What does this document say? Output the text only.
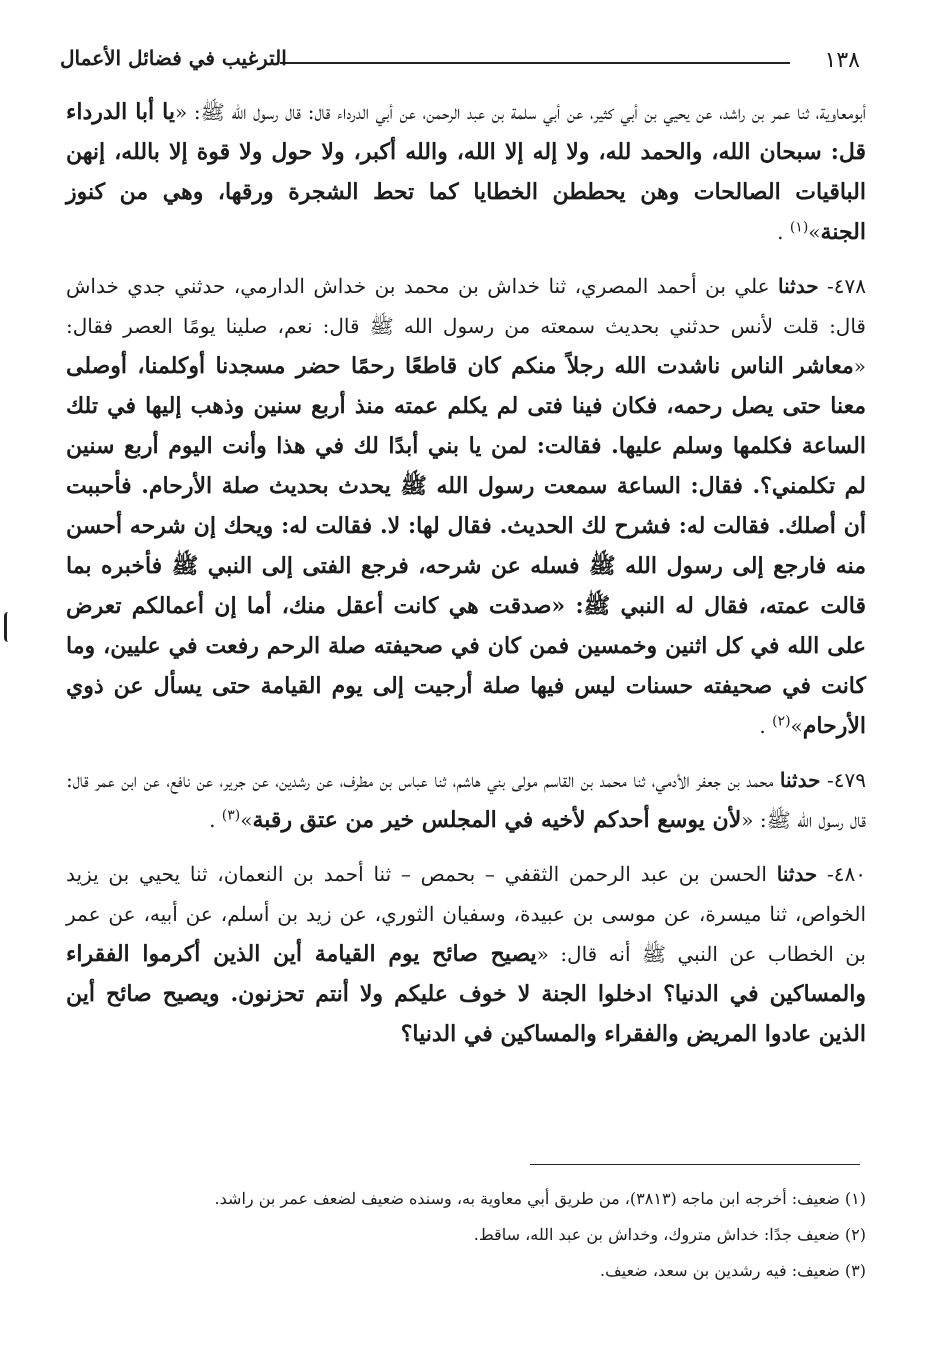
١٣٨
الترغيب في فضائل الأعمال

أبومعاوية، ثنا عمر بن راشد، عن يحيي بن أبي كثير، عن أبي سلمة بن عبد الرحمن، عن أبي الدرداء قال: قال رسول الله ﷺ: «يا أبا الدرداء قل: سبحان الله، والحمد لله، ولا إله إلا الله، والله أكبر، ولا حول ولا قوة إلا بالله، إنهن الباقيات الصالحات وهن يحططن الخطايا كما تحط الشجرة ورقها، وهي من كنوز الجنة»$^{(١)}$ .

٤٧٨- حدثنا علي بن أحمد المصري، ثنا خداش بن محمد بن خداش الدارمي، حدثني جدي خداش قال: قلت لأنس حدثني بحديث سمعته من رسول الله ﷺ قال: نعم، صلينا يومًا العصر فقال: «معاشر الناس ناشدت الله رجلاً منكم كان قاطعًا رحمًا حضر مسجدنا أوكلمنا، أوصلى معنا حتى يصل رحمه، فكان فينا فتى لم يكلم عمته منذ أربع سنين وذهب إليها في تلك الساعة فكلمها وسلم عليها. فقالت: لمن يا بني أبدًا لك في هذا وأنت اليوم أربع سنين لم تكلمني؟. فقال: الساعة سمعت رسول الله ﷺ يحدث بحديث صلة الأرحام. فأحببت أن أصلك. فقالت له: فشرح لك الحديث. فقال لها: لا. فقالت له: ويحك إن شرحه أحسن منه فارجع إلى رسول الله ﷺ فسله عن شرحه، فرجع الفتى إلى النبي ﷺ فأخبره بما قالت عمته، فقال له النبي ﷺ: «صدقت هي كانت أعقل منك، أما إن أعمالكم تعرض على الله في كل اثنين وخمسين فمن كان في صحيفته صلة الرحم رفعت في عليين، وما كانت في صحيفته حسنات ليس فيها صلة أرجيت إلى يوم القيامة حتى يسأل عن ذوي الأرحام»$^{(٢)}$ .

٤٧٩- حدثنا محمد بن جعفر الأدمي، ثنا محمد بن القاسم مولى بني هاشم، ثنا عباس بن مطرف، عن رشدين، عن جرير، عن نافع، عن ابن عمر قال: قال رسول الله ﷺ: «لأن يوسع أحدكم لأخيه في المجلس خير من عتق رقبة»$^{(٣)}$ .

٤٨٠- حدثنا الحسن بن عبد الرحمن الثقفي – بحمص – ثنا أحمد بن النعمان، ثنا يحيي بن يزيد الخواص، ثنا ميسرة، عن موسى بن عبيدة، وسفيان الثوري، عن زيد بن أسلم، عن أبيه، عن عمر بن الخطاب عن النبي ﷺ أنه قال: «يصيح صائح يوم القيامة أين الذين أكرموا الفقراء والمساكين في الدنيا؟ ادخلوا الجنة لا خوف عليكم ولا أنتم تحزنون. ويصيح صائح أين الذين عادوا المريض والفقراء والمساكين في الدنيا؟

(١) ضعيف: أخرجه ابن ماجه (٣٨١٣)، من طريق أبي معاوية به، وسنده ضعيف لضعف عمر بن راشد.

(٢) ضعيف جدًا: خداش متروك، وخداش بن عبد الله، ساقط.

(٣) ضعيف: فيه رشدين بن سعد، ضعيف.
